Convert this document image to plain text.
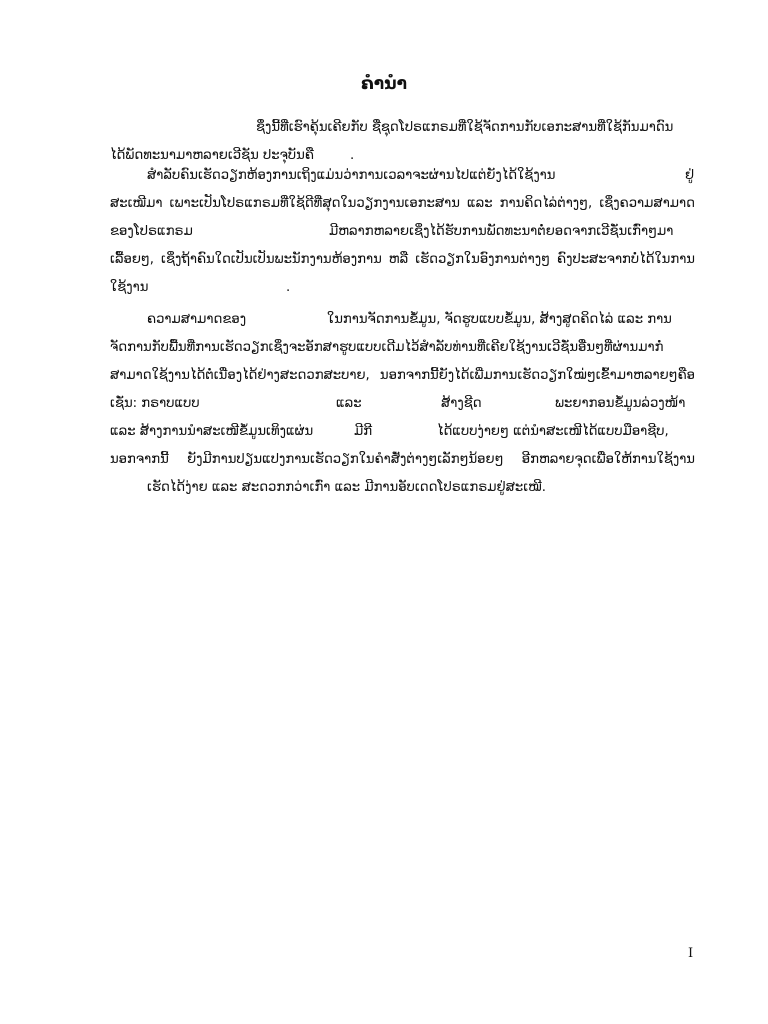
ຄຳນຳ
ຊຶ່ງນີ້ທີ່ເຮົາຄຸ້ນເຄີຍກັບ ຊື່ຊຸດໂປຣແກຣມທີ່ໃຊ້ຈັດການກັບເອກະສານທີ່ໃຊ້ກັນມາດົນ
ໄດ້ພັດທະນາມາຫລາຍເວີຊັນ ປະຈຸບັນຄື	.
ສຳລັບຄົນເຮັດວຽກຫ້ອງການເຖິງແມ່ນວ່າການເວລາຈະຜ່ານໄປແຕ່ຍັງໄດ້ໃຊ້ງານ	ຢູ່
ສະເໝີມາ ເພາະເປັນໂປຣແກຣມທີ່ໃຊ້ດີທີ່ສຸດໃນວຽກງານເອກະສານ ແລະ ການຄິດໄລ່ຕ່າງໆ, ເຊິ່ງຄວາມສາມາດ
ຂອງໂປຣແກຣມ	ມີຫລາກຫລາຍເຊິ່ງໄດ້ຮັບການພັດທະນາຕໍ່ຍອດຈາກເວີຊັ່ນເກົ່າໆມາ
ເລື້ອຍໆ, ເຊິ່ງຖ້າຄົນໃດເປັນເປັນພະນັກງານຫ້ອງການ ຫລື ເຮັດວຽກໃນອົງການຕ່າງໆ ຄົງປະສະຈາກບໍ່ໄດ້ໃນການ
ໃຊ້ງານ	.
ຄວາມສາມາດຂອງ	ໃນການຈັດການຂໍ້ມູນ, ຈັດຮູບແບບຂໍ້ມູນ, ສ້າງສູດຄິດໄລ່ ແລະ ການ
ຈັດການກັບພື້ນທີ່ການເຮັດວຽກເຊິ່ງຈະອັກສາຮູບແບບເດີມໄວ້ສຳລັບທ່ານທີ່ເຄີຍໃຊ້ງານເວີຊັ່ນອື່ນໆທີ່ຜ່ານມາກໍ່
ສາມາດໃຊ້ງານໄດ້ຕໍ່ເນື່ອງໄດ້ຢ່າງສະດວກສະບາຍ, ນອກຈາກນີ້ຍັງໄດ້ເພີ່ມການເຮັດວຽກໃໝ່ໆເຂົ້າມາຫລາຍໆຄືອ
ເຊັ່ນ: ກຣາບແບບ	ແລະ	ສ້າງຊີດ	ພະຍາກອນຂໍ້ມູນລ່ວງໜ້າ
ແລະ ສ້າງການນຳສະເໜີຂໍ້ມູນເທິງແຜ່ນ	ມີກີ	ໄດ້ແບບງ່າຍໆ ແຕ່ນຳສະເໜີໄດ້ແບບມືອາຊີບ,
ນອກຈາກນີ້ ຍັງມີການປຽນແປງການເຮັດວຽກໃນຄຳສັ່ງຕ່າງໆເລັກໆນ້ອຍໆ ອີກຫລາຍຈຸດເພື່ອໃຫ້ການໃຊ້ງານ
ເຮັດໄດ້ງ່າຍ ແລະ ສະດວກກວ່າເກົ່າ ແລະ ມີການອັບເດດໂປຣແກຣມຢູ່ສະເໝີ.
I
